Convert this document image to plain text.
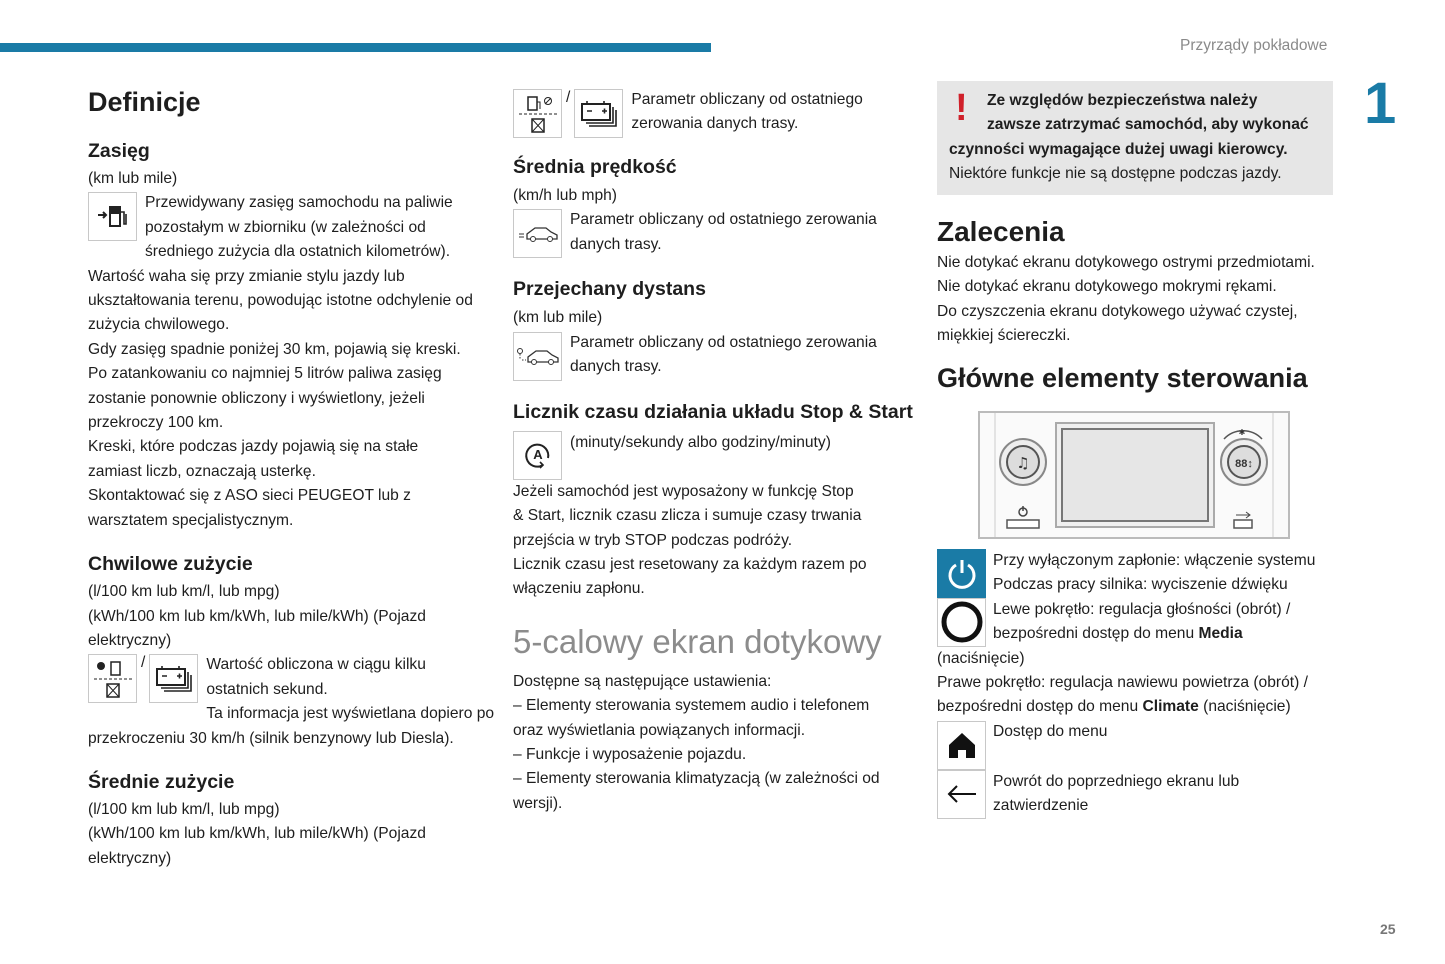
Przyrządy pokładowe
1
25
Definicje
Zasięg
(km lub mile)
Przewidywany zasięg samochodu na paliwie
pozostałym w zbiorniku (w zależności od
średniego zużycia dla ostatnich kilometrów).
Wartość waha się przy zmianie stylu jazdy lub
ukształtowania terenu, powodując istotne odchylenie od
zużycia chwilowego.
Gdy zasięg spadnie poniżej 30 km, pojawią się kreski.
Po zatankowaniu co najmniej 5 litrów paliwa zasięg
zostanie ponownie obliczony i wyświetlony, jeżeli
przekroczy 100 km.
Kreski, które podczas jazdy pojawią się na stałe
zamiast liczb, oznaczają usterkę.
Skontaktować się z ASO sieci PEUGEOT lub z
warsztatem specjalistycznym.
Chwilowe zużycie
(l/100 km lub km/l, lub mpg)
(kWh/100 km lub km/kWh, lub mile/kWh) (Pojazd
elektryczny)
/	Wartość obliczona w ciągu kilku
ostatnich sekund.
Ta informacja jest wyświetlana dopiero po
przekroczeniu 30 km/h (silnik benzynowy lub Diesla).
Średnie zużycie
(l/100 km lub km/l, lub mpg)
(kWh/100 km lub km/kWh, lub mile/kWh) (Pojazd
elektryczny)
/	Parametr obliczany od ostatniego
zerowania danych trasy.
Średnia prędkość
(km/h lub mph)
Parametr obliczany od ostatniego zerowania
danych trasy.
Przejechany dystans
(km lub mile)
Parametr obliczany od ostatniego zerowania
danych trasy.
Licznik czasu działania układu Stop & Start
A
(minuty/sekundy albo godziny/minuty)
Jeżeli samochód jest wyposażony w funkcję Stop
& Start, licznik czasu zlicza i sumuje czasy trwania
przejścia w tryb STOP podczas podróży.
Licznik czasu jest resetowany za każdym razem po
włączeniu zapłonu.
5-calowy ekran dotykowy
Dostępne są następujące ustawienia:
– Elementy sterowania systemem audio i telefonem
oraz wyświetlania powiązanych informacji.
– Funkcje i wyposażenie pojazdu.
– Elementy sterowania klimatyzacją (w zależności od
wersji).
!	Ze względów bezpieczeństwa należy
zawsze zatrzymać samochód, aby wykonać
czynności wymagające dużej uwagi kierowcy.
Niektóre funkcje nie są dostępne podczas jazdy.
Zalecenia
Nie dotykać ekranu dotykowego ostrymi przedmiotami.
Nie dotykać ekranu dotykowego mokrymi rękami.
Do czyszczenia ekranu dotykowego używać czystej,
miękkiej ściereczki.
Główne elementy sterowania
♫
✱
88↕
Przy wyłączonym zapłonie: włączenie systemu
Podczas pracy silnika: wyciszenie dźwięku
Lewe pokrętło: regulacja głośności (obrót) /
bezpośredni dostęp do menu Media
(naciśnięcie)
Prawe pokrętło: regulacja nawiewu powietrza (obrót) /
bezpośredni dostęp do menu Climate (naciśnięcie)
Dostęp do menu
Powrót do poprzedniego ekranu lub
zatwierdzenie
